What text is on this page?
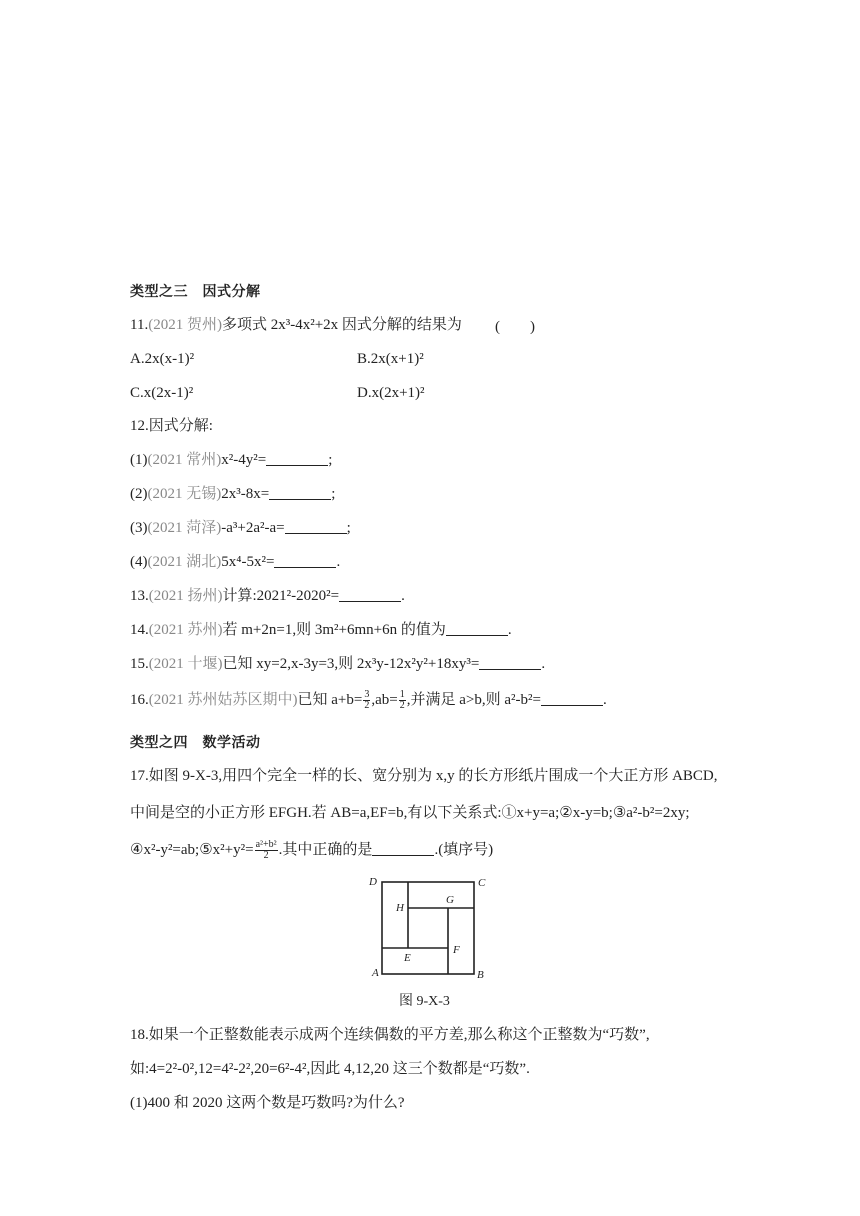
类型之三　因式分解
11.(2021 贺州)多项式 2x³-4x²+2x 因式分解的结果为 (　　)
A.2x(x-1)²	B.2x(x+1)²
C.x(2x-1)²	D.x(2x+1)²
12.因式分解:
(1)(2021 常州)x²-4y²=	;
(2)(2021 无锡)2x³-8x=	;
(3)(2021 菏泽)-a³+2a²-a=	;
(4)(2021 湖北)5x⁴-5x²=	.
13.(2021 扬州)计算:2021²-2020²=	.
14.(2021 苏州)若 m+2n=1,则 3m²+6mn+6n 的值为	.
15.(2021 十堰)已知 xy=2,x-3y=3,则 2x³y-12x²y²+18xy³=	.
16.(2021 苏州姑苏区期中)已知 $a+b= \frac{3}{2} ,ab= \frac{1}{2}$ ,并满足 a>b,则 a²-b²=	.
类型之四　数学活动
17.如图 9-X-3,用四个完全一样的长、宽分别为 x,y 的长方形纸片围成一个大正方形 ABCD,
中间是空的小正方形 EFGH.若 AB=a,EF=b,有以下关系式:①x+y=a;②x-y=b;③a²-b²=2xy;
④x²-y²=ab;⑤x²+y²= $\frac{\text{a²+b²}}{2}$ .其中正确的是	.(填序号)
D	C
A	B
H
G
F
E
图 9-X-3
18.如果一个正整数能表示成两个连续偶数的平方差,那么称这个正整数为“巧数”,
如:4=2²-0²,12=4²-2²,20=6²-4²,因此 4,12,20 这三个数都是“巧数”.
(1)400 和 2020 这两个数是巧数吗?为什么?
